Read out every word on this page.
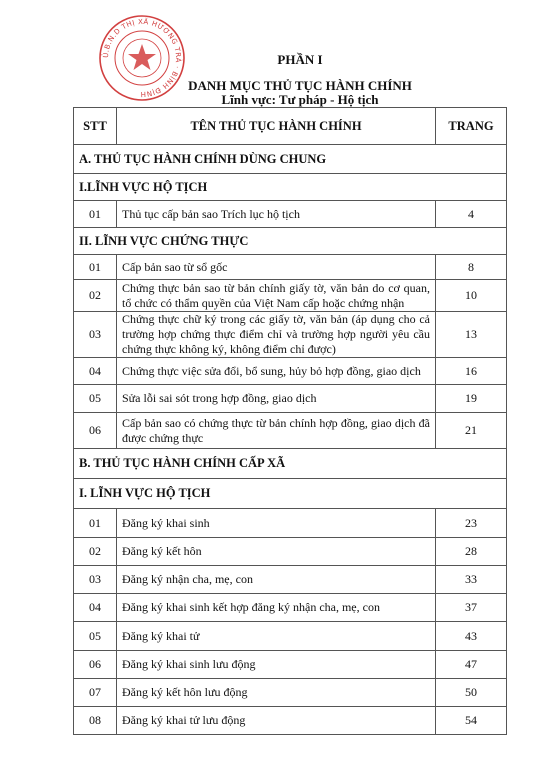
Ủ.B.N.D THỊ XÃ HƯƠNG TRÀ · BÌNH ĐỊNH
PHẦN I
DANH MỤC THỦ TỤC HÀNH CHÍNH
Lĩnh vực: Tư pháp - Hộ tịch
STT	TÊN THỦ TỤC HÀNH CHÍNH	TRANG
A. THỦ TỤC HÀNH CHÍNH DÙNG CHUNG		
I.LĨNH VỰC HỘ TỊCH		
01	Thủ tục cấp bản sao Trích lục hộ tịch	4
II. LĨNH VỰC CHỨNG THỰC		
01	Cấp bản sao từ sổ gốc	8
02	Chứng thực bản sao từ bản chính giấy tờ, văn bản do cơ quan, tổ chức có thẩm quyền của Việt Nam cấp hoặc chứng nhận	10
03	Chứng thực chữ ký trong các giấy tờ, văn bản (áp dụng cho cả trường hợp chứng thực điểm chỉ và trường hợp người yêu cầu chứng thực không ký, không điểm chỉ được)	13
04	Chứng thực việc sửa đổi, bổ sung, hủy bỏ hợp đồng, giao dịch	16
05	Sửa lỗi sai sót trong hợp đồng, giao dịch	19
06	Cấp bản sao có chứng thực từ bản chính hợp đồng, giao dịch đã được chứng thực	21
B. THỦ TỤC HÀNH CHÍNH CẤP XÃ		
I. LĨNH VỰC HỘ TỊCH		
01	Đăng ký khai sinh	23
02	Đăng ký kết hôn	28
03	Đăng ký nhận cha, mẹ, con	33
04	Đăng ký khai sinh kết hợp đăng ký nhận cha, mẹ, con	37
05	Đăng ký khai tử	43
06	Đăng ký khai sinh lưu động	47
07	Đăng ký kết hôn lưu động	50
08	Đăng ký khai tử lưu động	54
